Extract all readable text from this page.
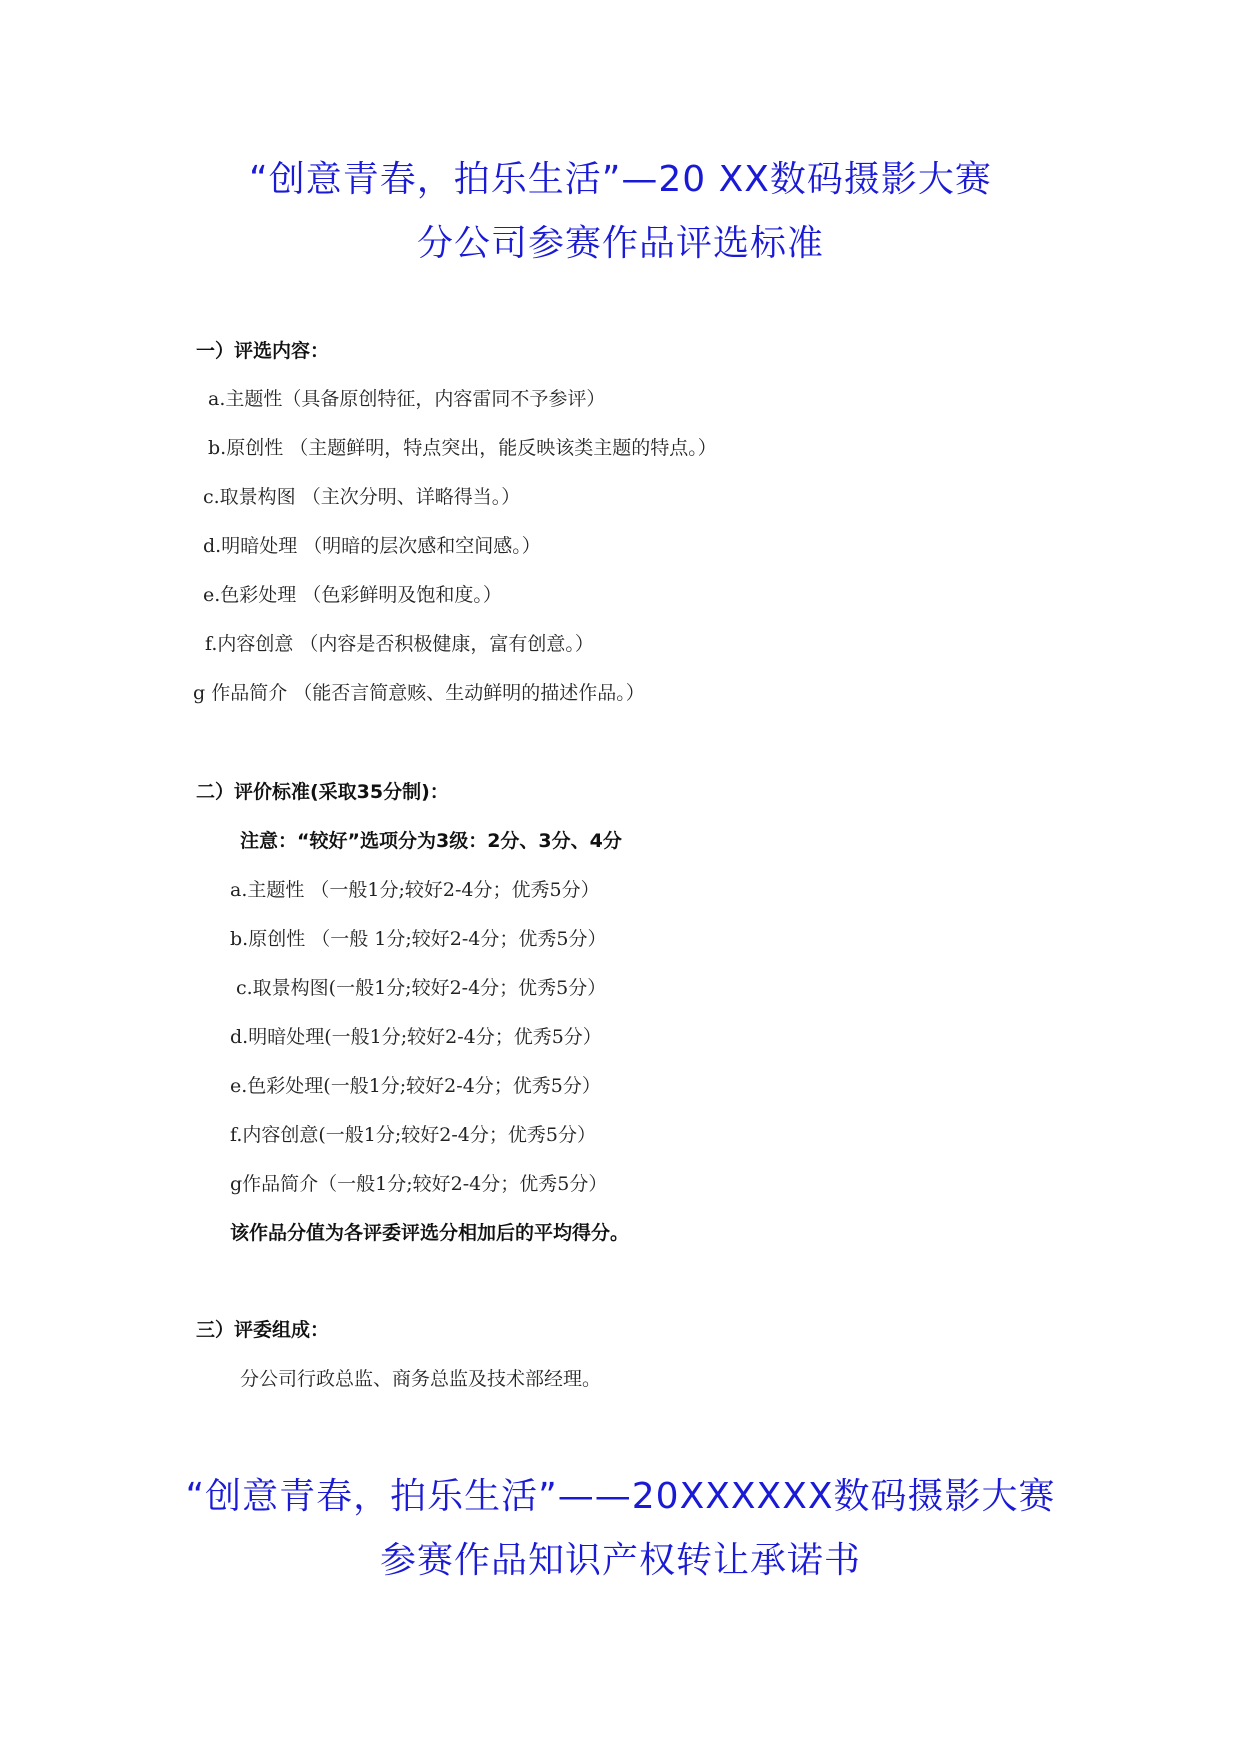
“创意青春，拍乐生活”—20 XX数码摄影大赛
分公司参赛作品评选标准
一）评选内容：
a.主题性（具备原创特征，内容雷同不予参评）
b.原创性 （主题鲜明，特点突出，能反映该类主题的特点。）
c.取景构图 （主次分明、详略得当。）
d.明暗处理 （明暗的层次感和空间感。）
e.色彩处理 （色彩鲜明及饱和度。）
f.内容创意 （内容是否积极健康，富有创意。）
g 作品简介 （能否言简意赅、生动鲜明的描述作品。）
二）评价标准(采取35分制)：
注意：“较好”选项分为3级：2分、3分、4分
a.主题性 （一般1分;较好2-4分；优秀5分）
b.原创性 （一般 1分;较好2-4分；优秀5分）
c.取景构图(一般1分;较好2-4分；优秀5分）
d.明暗处理(一般1分;较好2-4分；优秀5分）
e.色彩处理(一般1分;较好2-4分；优秀5分）
f.内容创意(一般1分;较好2-4分；优秀5分）
g作品简介（一般1分;较好2-4分；优秀5分）
该作品分值为各评委评选分相加后的平均得分。
三）评委组成：
分公司行政总监、商务总监及技术部经理。
“创意青春，拍乐生活”——20XXXXXX数码摄影大赛
参赛作品知识产权转让承诺书
